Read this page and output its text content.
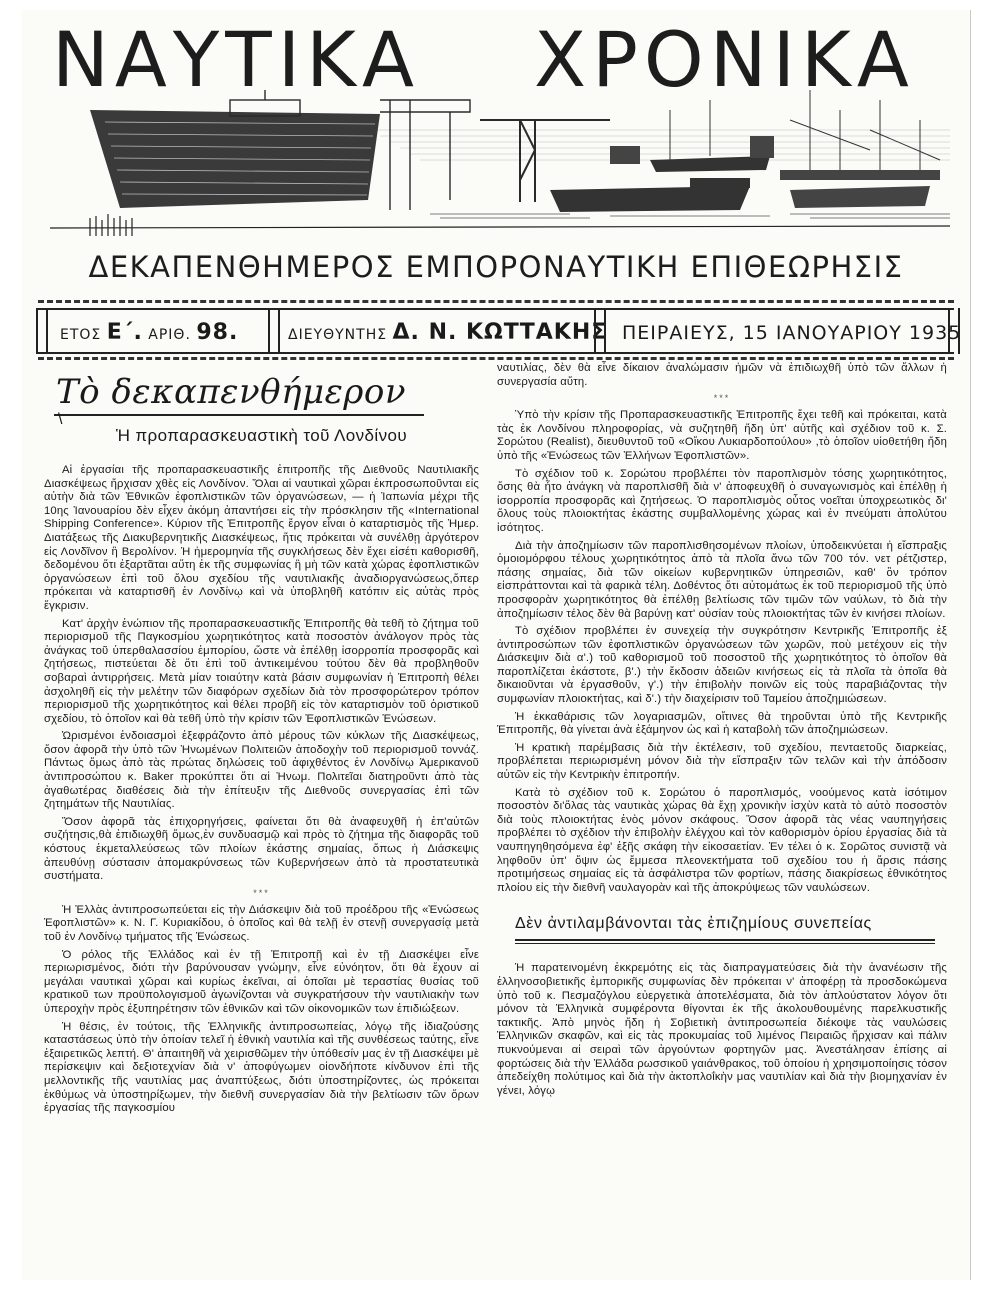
ΝΑΥΤΙΚΑ ΧΡΟΝΙΚΑ
ΔΕΚΑΠΕΝΘΗΜΕΡΟΣ ΕΜΠΟΡΟΝΑΥΤΙΚΗ ΕΠΙΘΕΩΡΗΣΙΣ
ΕΤΟΣ Ε΄. ΑΡΙΘ. 98.	ΔΙΕΥΘΥΝΤΗΣ Δ. Ν. ΚΩΤΤΑΚΗΣ ΠΕΙΡΑΙΕΥΣ, 15 ΙΑΝΟΥΑΡΙΟΥ 1935
Τὸ δεκαπενθήμερον
\
Ἡ προπαρασκευαστικὴ τοῦ Λονδίνου

Αἱ ἐργασίαι τῆς προπαρασκευαστικῆς ἐπιτροπῆς τῆς Διεθνοῦς Ναυτιλιακῆς Διασκέψεως ἤρχισαν χθὲς εἰς Λονδίνον. Ὅλαι αἱ ναυτικαὶ χῶραι ἐκπροσωποῦνται εἰς αὐτὴν διὰ τῶν Ἐθνικῶν ἐφοπλιστικῶν τῶν ὀργανώσεων, — ἡ Ἰαπωνία μέχρι τῆς 10ης Ἰανουαρίου δὲν εἶχεν ἀκόμη ἀπαντήσει εἰς τὴν πρόσκλησιν τῆς «International Shipping Conference». Κύριον τῆς Ἐπιτροπῆς ἔργον εἶναι ὁ καταρτισμὸς τῆς Ἡμερ. Διατάξεως τῆς Διακυβερνητικῆς Διασκέψεως, ἥτις πρόκειται νὰ συνέλθῃ ἀργότερον εἰς Λονδῖνον ἢ Βερολίνον. Ἡ ἡμερομηνία τῆς συγκλήσεως δὲν ἔχει εἰσέτι καθορισθῆ, δεδομένου ὅτι ἐξαρτᾶται αὕτη ἐκ τῆς συμφωνίας ἢ μὴ τῶν κατὰ χώρας ἐφοπλιστικῶν ὀργανώσεων ἐπὶ τοῦ ὅλου σχεδίου τῆς ναυτιλιακῆς ἀναδιοργανώσεως,ὅπερ πρόκειται νὰ καταρτισθῆ ἐν Λονδίνῳ καὶ νὰ ὑποβληθῆ κατόπιν εἰς αὐτὰς πρὸς ἔγκρισιν.

Κατ' ἀρχὴν ἐνώπιον τῆς προπαρασκευαστικῆς Ἐπιτροπῆς θὰ τεθῆ τὸ ζήτημα τοῦ περιορισμοῦ τῆς Παγκοσμίου χωρητικότητος κατὰ ποσοστὸν ἀνάλογον πρὸς τὰς ἀνάγκας τοῦ ὑπερθαλασσίου ἐμπορίου, ὥστε νὰ ἐπέλθῃ ἰσορροπία προσφορᾶς καὶ ζητήσεως, πιστεύεται δὲ ὅτι ἐπὶ τοῦ ἀντικειμένου τούτου δὲν θὰ προβληθοῦν σοβαραὶ ἀντιρρήσεις. Μετὰ μίαν τοιαύτην κατὰ βάσιν συμφωνίαν ἡ Ἐπιτροπὴ θέλει ἀσχοληθῆ εἰς τὴν μελέτην τῶν διαφόρων σχεδίων διὰ τὸν προσφορώτερον τρόπον περιορισμοῦ τῆς χωρητικότητος καὶ θέλει προβῆ εἰς τὸν καταρτισμὸν τοῦ ὁριστικοῦ σχεδίου, τὸ ὁποῖον καὶ θὰ τεθῆ ὑπὸ τὴν κρίσιν τῶν Ἐφοπλιστικῶν Ἑνώσεων.

Ὡρισμένοι ἐνδοιασμοὶ ἐξεφράζοντο ἀπὸ μέρους τῶν κύκλων τῆς Διασκέψεως, ὅσον ἀφορᾶ τὴν ὑπὸ τῶν Ἡνωμένων Πολιτειῶν ἀποδοχὴν τοῦ περιορισμοῦ τοννάζ. Πάντως ὅμως ἀπὸ τὰς πρώτας δηλώσεις τοῦ ἀφιχθέντος ἐν Λονδίνῳ Ἀμερικανοῦ ἀντιπροσώπου κ. Baker προκύπτει ὅτι αἱ Ἡνωμ. Πολιτεῖαι διατηροῦντι ἀπὸ τὰς ἀγαθωτέρας διαθέσεις διὰ τὴν ἐπίτευξιν τῆς Διεθνοῦς συνεργασίας ἐπὶ τῶν ζητημάτων τῆς Ναυτιλίας.

Ὅσον ἀφορᾶ τὰς ἐπιχορηγήσεις, φαίνεται ὅτι θὰ ἀναφευχθῆ ἡ ἐπ'αὐτῶν συζήτησις,θὰ ἐπιδιωχθῆ ὅμως,ἐν συνδυασμῷ καὶ πρὸς τὸ ζήτημα τῆς διαφορᾶς τοῦ κόστους ἐκμεταλλεύσεως τῶν πλοίων ἑκάστης σημαίας, ὅπως ἡ Διάσκεψις ἀπευθύνῃ σύστασιν ἀπομακρύνσεως τῶν Κυβερνήσεων ἀπὸ τὰ προστατευτικὰ συστήματα.

***

Ἡ Ἑλλὰς ἀντιπροσωπεύεται εἰς τὴν Διάσκεψιν διὰ τοῦ προέδρου τῆς «Ἑνώσεως Ἐφοπλιστῶν» κ. Ν. Γ. Κυριακίδου, ὁ ὁποῖος καὶ θὰ τελῇ ἐν στενῇ συνεργασίᾳ μετὰ τοῦ ἐν Λονδίνῳ τμήματος τῆς Ἑνώσεως.

Ὁ ρόλος τῆς Ἑλλάδος καὶ ἐν τῇ Ἐπιτροπῇ καὶ ἐν τῇ Διασκέψει εἶνε περιωρισμένος, διότι τὴν βαρύνουσαν γνώμην, εἶνε εὐνόητον, ὅτι θὰ ἔχουν αἱ μεγάλαι ναυτικαὶ χῶραι καὶ κυρίως ἐκεῖναι, αἱ ὁποῖαι μὲ τεραστίας θυσίας τοῦ κρατικοῦ των προϋπολογισμοῦ ἀγωνίζονται νὰ συγκρατήσουν τὴν ναυτιλιακὴν των ὑπεροχὴν πρὸς ἐξυπηρέτησιν τῶν ἐθνικῶν καὶ τῶν οἰκονομικῶν των ἐπιδιώξεων.

Ἡ θέσις, ἐν τούτοις, τῆς Ἑλληνικῆς ἀντιπροσωπείας, λόγῳ τῆς ἰδιαζούσης καταστάσεως ὑπὸ τὴν ὁποίαν τελεῖ ἡ ἐθνικὴ ναυτιλία καὶ τῆς συνθέσεως ταύτης, εἶνε ἐξαιρετικῶς λεπτή. Θ' ἀπαιτηθῆ νὰ χειρισθῶμεν τὴν ὑπόθεσίν μας ἐν τῇ Διασκέψει μὲ περίσκεψιν καὶ δεξιοτεχνίαν διὰ ν' ἀποφύγωμεν οἱονδήποτε κίνδυνον ἐπὶ τῆς μελλοντικῆς τῆς ναυτιλίας μας ἀναπτύξεως, διότι ὑποστηρίζοντες, ὡς πρόκειται ἐκθύμως νὰ ὑποστηρίξωμεν, τὴν διεθνῆ συνεργασίαν διὰ τὴν βελτίωσιν τῶν ὅρων ἐργασίας τῆς παγκοσμίου

ναυτιλίας, δὲν θὰ εἶνε δίκαιον ἀναλώμασιν ἡμῶν νὰ ἐπιδιωχθῆ ὑπὸ τῶν ἄλλων ἡ συνεργασία αὕτη.

***

Ὑπὸ τὴν κρίσιν τῆς Προπαρασκευαστικῆς Ἐπιτροπῆς ἔχει τεθῆ καὶ πρόκειται, κατὰ τὰς ἐκ Λονδίνου πληροφορίας, νὰ συζητηθῆ ἤδη ὑπ' αὐτῆς καὶ σχέδιον τοῦ κ. Σ. Σορώτου (Realist), διευθυντοῦ τοῦ «Οἴκου Λυκιαρδοπούλου» ,τὸ ὁποῖον υἱοθετήθη ἤδη ὑπὸ τῆς «Ἑνώσεως τῶν Ἑλλήνων Ἐφοπλιστῶν».

Τὸ σχέδιον τοῦ κ. Σορώτου προβλέπει τὸν παροπλισμὸν τόσης χωρητικότητος, ὅσης θὰ ἦτο ἀνάγκη νὰ παροπλισθῆ διὰ ν' ἀποφευχθῆ ὁ συναγωνισμὸς καὶ ἐπέλθῃ ἡ ἰσορροπία προσφορᾶς καὶ ζητήσεως. Ὁ παροπλισμὸς οὗτος νοεῖται ὑποχρεωτικὸς δι' ὅλους τοὺς πλοιοκτήτας ἑκάστης συμβαλλομένης χώρας καὶ ἐν πνεύματι ἀπολύτου ἰσότητος.

Διὰ τὴν ἀποζημίωσιν τῶν παροπλισθησομένων πλοίων, ὑποδεικνύεται ἡ εἴσπραξις ὁμοιομόρφου τέλους χωρητικότητος ἀπὸ τὰ πλοῖα ἄνω τῶν 700 τόν. νετ ρέτζιστερ, πάσης σημαίας, διὰ τῶν οἰκείων κυβερνητικῶν ὑπηρεσιῶν, καθ' ὃν τρόπον εἰσπράττονται καὶ τὰ φαρικὰ τέλη. Δοθέντος ὅτι αὐτομάτως ἐκ τοῦ περιορισμοῦ τῆς ὑπὸ προσφορὰν χωρητικότητος θὰ ἐπέλθῃ βελτίωσις τῶν τιμῶν τῶν ναύλων, τὸ διὰ τὴν ἀποζημίωσιν τέλος δὲν θὰ βαρύνῃ κατ' οὐσίαν τοὺς πλοιοκτήτας τῶν ἐν κινήσει πλοίων.

Τὸ σχέδιον προβλέπει ἐν συνεχείᾳ τὴν συγκρότησιν Κεντρικῆς Ἐπιτροπῆς ἐξ ἀντιπροσώπων τῶν ἐφοπλιστικῶν ὀργανώσεων τῶν χωρῶν, ποὺ μετέχουν εἰς τὴν Διάσκεψιν διὰ α'.) τοῦ καθορισμοῦ τοῦ ποσοστοῦ τῆς χωρητικότητος τὸ ὁποῖον θὰ παροπλίζεται ἑκάστοτε, β'.) τὴν ἔκδοσιν ἀδειῶν κινήσεως εἰς τὰ πλοῖα τὰ ὁποῖα θὰ δικαιοῦνται νὰ ἐργασθοῦν, γ'.) τὴν ἐπιβολὴν ποινῶν εἰς τοὺς παραβιάζοντας τὴν συμφωνίαν πλοιοκτήτας, καὶ δ'.) τὴν διαχείρισιν τοῦ Ταμείου ἀποζημιώσεων.

Ἡ ἐκκαθάρισις τῶν λογαριασμῶν, οἵτινες θὰ τηροῦνται ὑπὸ τῆς Κεντρικῆς Ἐπιτροπῆς, θὰ γίνεται ἀνὰ ἑξάμηνον ὡς καὶ ἡ καταβολὴ τῶν ἀποζημιώσεων.

Ἡ κρατικὴ παρέμβασις διὰ τὴν ἐκτέλεσιν, τοῦ σχεδίου, πενταετοῦς διαρκείας, προβλέπεται περιωρισμένη μόνον διὰ τὴν εἴσπραξιν τῶν τελῶν καὶ τὴν ἀπόδοσιν αὐτῶν εἰς τὴν Κεντρικὴν ἐπιτροπήν.

Κατὰ τὸ σχέδιον τοῦ κ. Σορώτου ὁ παροπλισμός, νοούμενος κατὰ ἰσότιμον ποσοστὸν δι'ὅλας τὰς ναυτικὰς χώρας θὰ ἔχῃ χρονικὴν ἰσχὺν κατὰ τὸ αὐτὸ ποσοστὸν διὰ τοὺς πλοιοκτήτας ἑνὸς μόνον σκάφους. Ὅσον ἀφορᾶ τὰς νέας ναυπηγήσεις προβλέπει τὸ σχέδιον τὴν ἐπιβολὴν ἐλέγχου καὶ τὸν καθορισμὸν ὁρίου ἐργασίας διὰ τὰ ναυπηγηθησόμενα ἐφ' ἑξῆς σκάφη τὴν εἰκοσαετίαν. Ἐν τέλει ὁ κ. Σορῶτος συνιστᾷ νὰ ληφθοῦν ὑπ' ὄψιν ὡς ἔμμεσα πλεονεκτήματα τοῦ σχεδίου του ἡ ἄρσις πάσης προτιμήσεως σημαίας εἰς τὰ ἀσφάλιστρα τῶν φορτίων, πάσης διακρίσεως ἐθνικότητος πλοίου εἰς τὴν διεθνῆ ναυλαγορὰν καὶ τῆς ἀποκρύψεως τῶν ναυλώσεων.

Δὲν ἀντιλαμβάνονται τὰς ἐπιζημίους συνεπείας

Ἡ παρατεινομένη ἐκκρεμότης εἰς τὰς διαπραγματεύσεις διὰ τὴν ἀνανέωσιν τῆς ἑλληνοσοβιετικῆς ἐμπορικῆς συμφωνίας δὲν πρόκειται ν' ἀποφέρῃ τὰ προσδοκώμενα ὑπὸ τοῦ κ. Πεσμαζόγλου εὐεργετικὰ ἀποτελέσματα, διὰ τὸν ἁπλούστατον λόγον ὅτι μόνον τὰ Ἑλληνικὰ συμφέροντα θίγονται ἐκ τῆς ἀκολουθουμένης παρελκυστικῆς τακτικῆς. Ἀπὸ μηνὸς ἤδη ἡ Σοβιετικὴ ἀντιπροσωπεία διέκοψε τὰς ναυλώσεις Ἑλληνικῶν σκαφῶν, καὶ εἰς τὰς προκυμαίας τοῦ λιμένος Πειραιῶς ἤρχισαν καὶ πάλιν πυκνούμεναι αἱ σειραὶ τῶν ἀργούντων φορτηγῶν μας. Ἀνεστάλησαν ἐπίσης αἱ φορτώσεις διὰ τὴν Ἑλλάδα ρωσσικοῦ γαιάνθρακος, τοῦ ὁποίου ἡ χρησιμοποίησις τόσον ἀπεδείχθη πολύτιμος καὶ διὰ τὴν ἀκτοπλοΐκὴν μας ναυτιλίαν καὶ διὰ τὴν βιομηχανίαν ἐν γένει, λόγῳ
